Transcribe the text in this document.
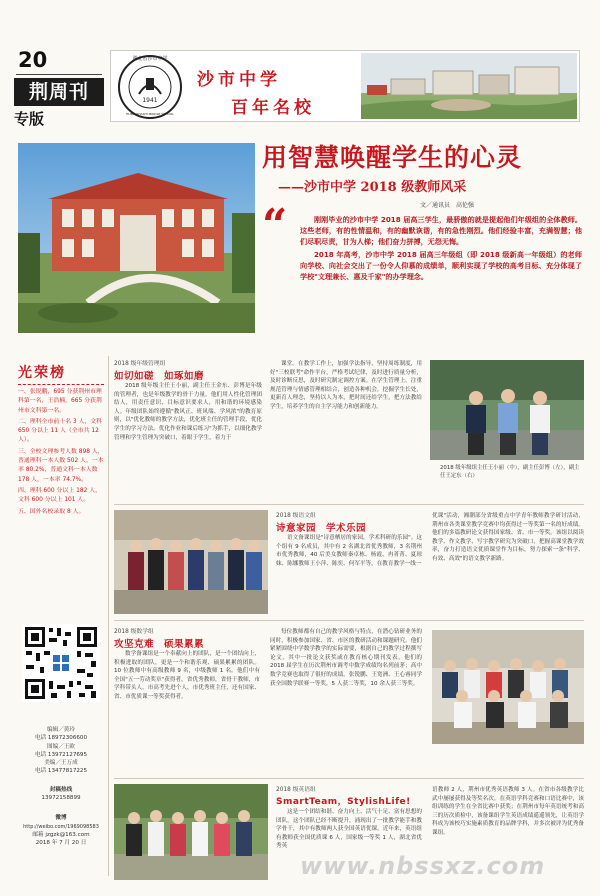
20
荆周刊
专版
1941
湖北省沙市中学
HUBEI SHASHI MIDDLE SCHOOL
沙市中学
百年名校
用智慧唤醒学生的心灵
——沙市中学 2018 级教师风采
文／通讯员　高伦强
“	刚刚毕业的沙市中学 2018 届高三学生，最骄傲的就是提起他们年级组的全体教师。这些老师，有的性情温和，有的幽默诙谐，有的急性刚烈。他们经验丰富，充满智慧；他们尽职尽责，甘为人梯；他们奋力拼搏，无怨无悔。

2018 年高考，沙市中学 2018 届高三年级组（即 2018 级新高一年级组）的老师向学校、向社会交出了一份令人仰慕的成绩单，顺利实现了学校的高考目标、充分体现了学校"文理兼长、惠及千家"的办学理念。

光荣榜
一、张锐鹏，695 分获荆州市理科第一名，王浩楠，665 分获荆州市文科第一名。
二、理科全市前十名 3 人，文科 650 分以上 11 人（全市共 12 人）。
三、全校文理参考人数 898 人，普通理科一本人数 502 人，一本率 80.2%，普通文科一本人数 178 人，一本率 74.7%。
四、理科 600 分以上 182 人，文科 600 分以上 101 人。
五、国外名校录取 8 人。
编辑／黄玲
电话 18972306600
图编／王欧
电话 13972127695
美编／王万成
电话 13477817225
封稿热线
13972158899
微博
http://weibo.com/1969098583
邮箱 jzgzk@163.com
2018 年 7 月 20 日
2018 级年级管理组
如切如磋　如琢如磨

2018 级年级主任王小丽，副主任王金东、彭博是年级的管理者，也是年级教学的骨干力量。他们用人性化管理团结人，用责任意识、目标意识要求人，用和谐的环境感染人。年级团队始终遵循"教风正、班风端、学风浓"的教育原则，以"优化教师的教学方法，优化班主任的管理手段，优化学生的学习方法，优化作业和课后练习"为抓手，以细化教学管理和学生管理为突破口，着眼于学生，着力于

课堂。在教学工作上，加强学法指导，坚持周练制度，用好"三校联考"命作平台，严格考试纪律，及时进行质量分析，及时诊断反思，及时研究制定调控方案。在学生管理上，注重规范管理与情感管理相结合，创造各种机会，挖掘学生长处，更新育人理念，坚持以人为本，把时间还给学生，把方法教给学生，培养学生的自主学习能力和创新能力。

2018 级年级组主任王小丽（中），副主任彭博（左），副主任王定东（右）
2018 级语文组
诗意家园　学术乐园

语文备课组是"诗意栖居的家园，学术科研的乐园"。这个组有 9 名成员，其中有 2 名湖北省优秀教师，3 名荆州市优秀教师，40 后美女教师秦卓栋、杨霞、冉菁菁、夏琼妹、陈娜教师王小萍、陈奕、何军平等，在教育教学一线一

优课"活动，湘潮部分省级重点中学青年教师教学研讨活动，荆州市各类课堂教学竞赛中均获得过一等奖第一名的好成绩。他们的多篇教研论文获得国家级、省、市一等奖。该组以阅读教学、作文教学、写字教学研究为突破口，把握高课堂教学效率，奋力打造语文优质课堂作为目标，努力探索一条"科学、有效、高效"的语文教学新路。

2018 级数学组
攻坚克难　硕果累累

数学备课组是一个奉献向上的团队，是一个团结向上，积极进取的团队，更是一个和谐乐观、硕果累累的团队。10 位教师中有高级教师 9 名，中级教师 1 名。他们中有全国"五一劳动奖章"获得者，省优秀教师，省骨干教师，市学科带头人，市高考先进个人，市优秀班主任，还有国家、省、市优质课一等奖获得者。

每位教师都有自己的教学风格与特点，在潜心钻研业务的同时，积极参加国家、省、市区的教研活动和课题研究。他们紧紧围绕中学数学教学的实际需要，根据自己的教学过程撰写论文，其中一批论文获奖或在教育核心期刊发表。他们的 2018 届学生在历次荆州市调考中数学成绩均名列前茅；高中数学竞赛也取得了很好的成绩。张锐鹏、王宽洲、王心睿同学获全国数学联赛一等奖，5 人获二等奖，10 余人获三等奖。

2018 级英语组
SmartTeam，StylishLife!

这是一个团结和谐、奋力向上、活气十足、富有思想的团队。这个团队已经不断提升，涌现出了一批教学能手和教学骨干，其中有教师两人获全国英语优课，近年来，英语组有教师获全国优质课 6 人，国家级一等奖 1 人，湖北省优秀英

语教师 2 人，荆州市优秀英语教师 3 人。在省市各级教学比武中屡屡获得及等奖名次。在英语学科竞赛和口语比赛中，该组训练的学生在全省比赛中获奖；在荆州市每年英语统考和高三的历次质检中，该备课组学生英语成绩遥遥领先，让英语学科成为该校巧实施素质教育的品牌学科，并多次被评为优秀备课组。

www.nbssxz.com
